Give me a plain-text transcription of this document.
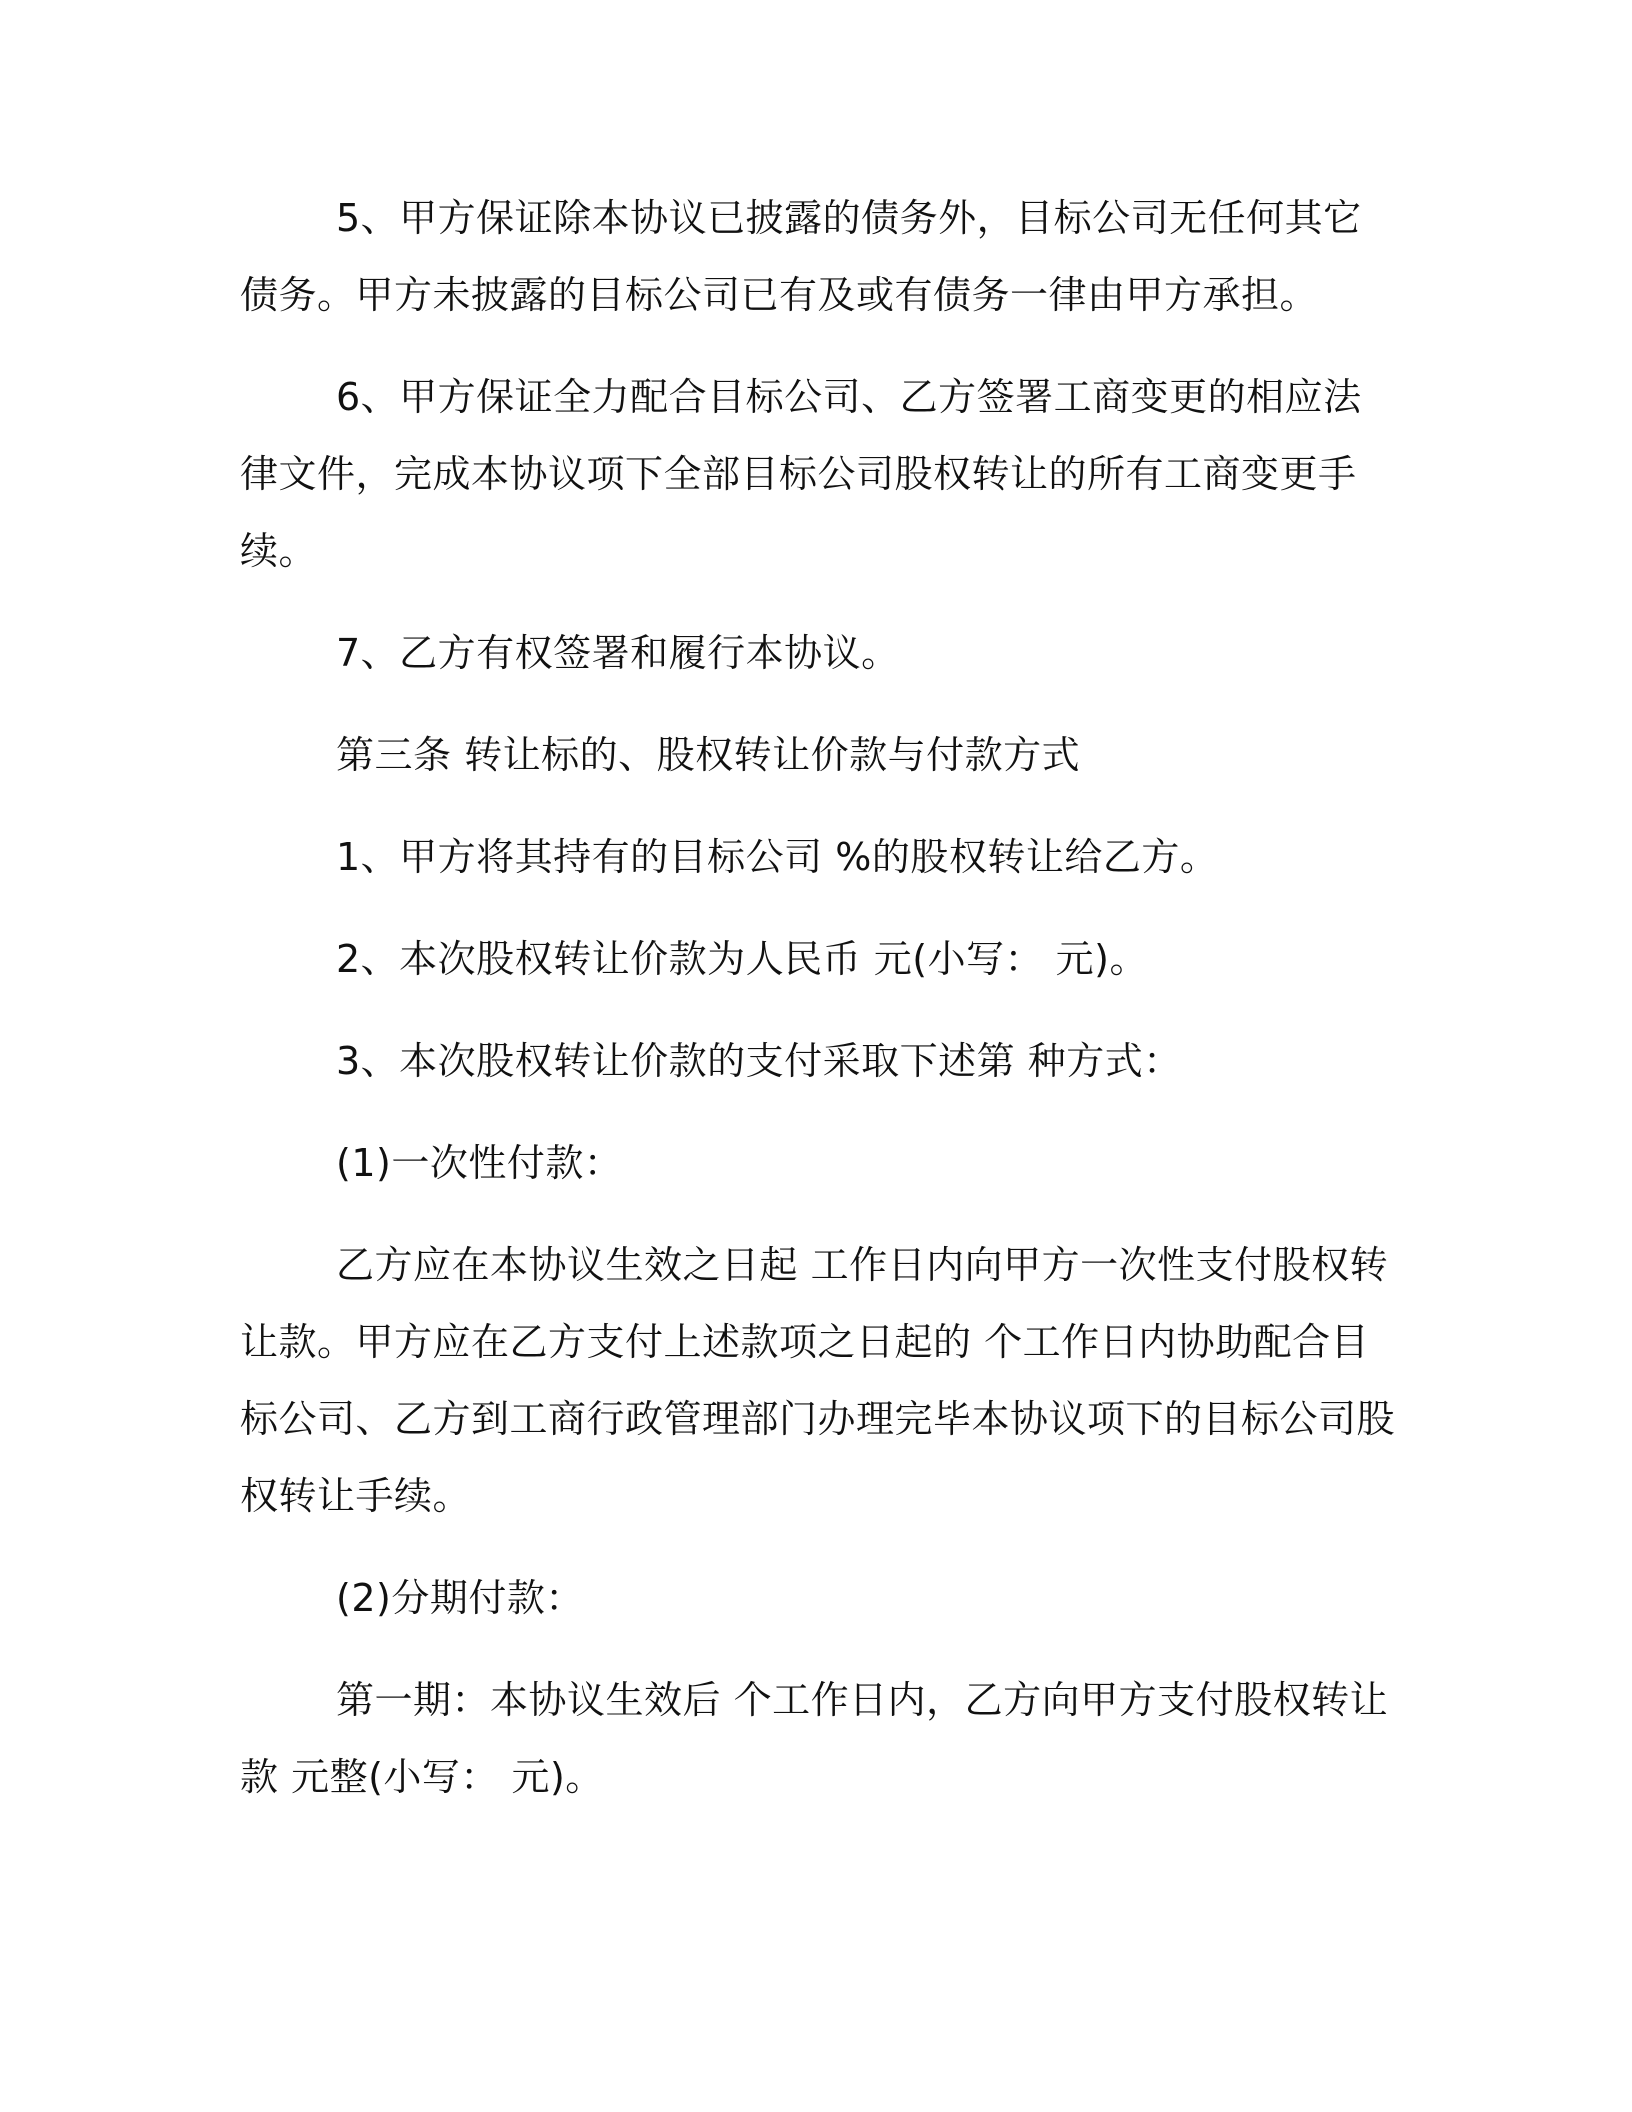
5、甲方保证除本协议已披露的债务外，目标公司无任何其它债务。甲方未披露的目标公司已有及或有债务一律由甲方承担。

6、甲方保证全力配合目标公司、乙方签署工商变更的相应法律文件，完成本协议项下全部目标公司股权转让的所有工商变更手续。

7、乙方有权签署和履行本协议。

第三条 转让标的、股权转让价款与付款方式

1、甲方将其持有的目标公司 %的股权转让给乙方。

2、本次股权转让价款为人民币 元(小写： 元)。

3、本次股权转让价款的支付采取下述第 种方式：

(1)一次性付款：

乙方应在本协议生效之日起 工作日内向甲方一次性支付股权转让款。甲方应在乙方支付上述款项之日起的 个工作日内协助配合目标公司、乙方到工商行政管理部门办理完毕本协议项下的目标公司股权转让手续。

(2)分期付款：

第一期：本协议生效后 个工作日内，乙方向甲方支付股权转让款 元整(小写： 元)。
